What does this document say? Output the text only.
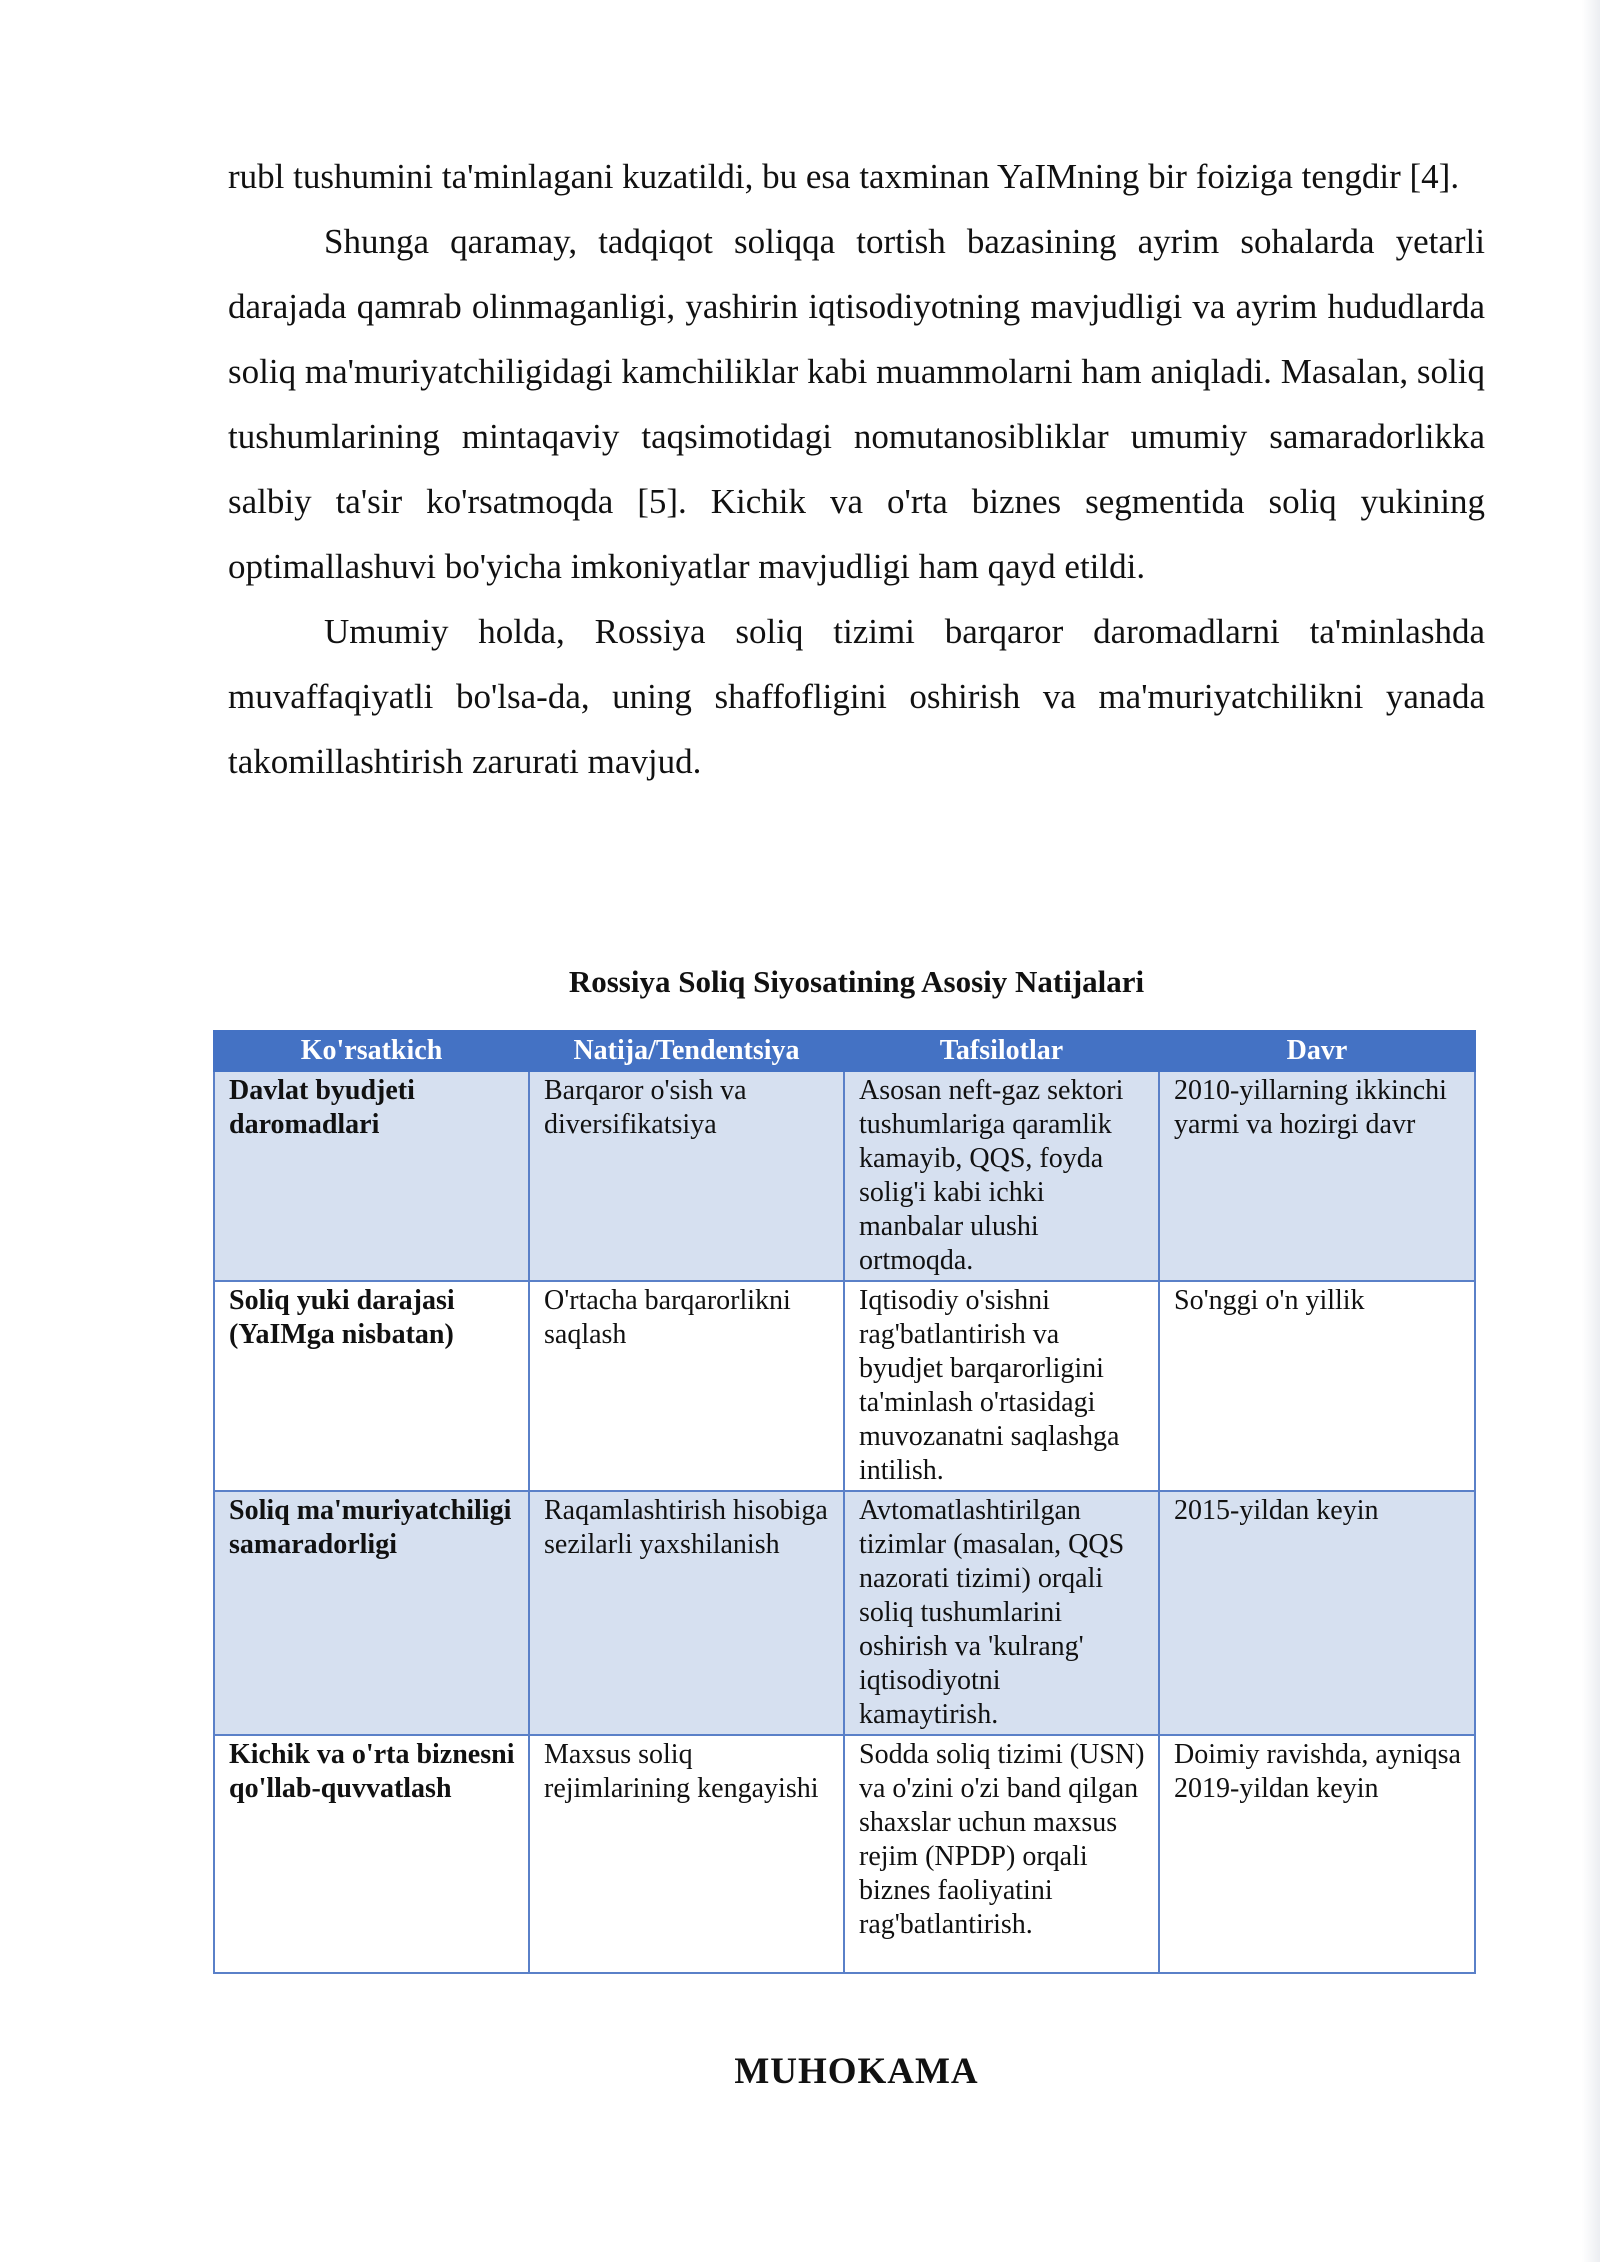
rubl tushumini ta'minlagani kuzatildi, bu esa taxminan YaIMning bir foiziga tengdir [4].

Shunga qaramay, tadqiqot soliqqa tortish bazasining ayrim sohalarda yetarli darajada qamrab olinmaganligi, yashirin iqtisodiyotning mavjudligi va ayrim hududlarda soliq ma'muriyatchiligidagi kamchiliklar kabi muammolarni ham aniqladi. Masalan, soliq tushumlarining mintaqaviy taqsimotidagi nomutanosibliklar umumiy samaradorlikka salbiy ta'sir ko'rsatmoqda [5]. Kichik va o'rta biznes segmentida soliq yukining optimallashuvi bo'yicha imkoniyatlar mavjudligi ham qayd etildi.

Umumiy holda, Rossiya soliq tizimi barqaror daromadlarni ta'minlashda muvaffaqiyatli bo'lsa-da, uning shaffofligini oshirish va ma'muriyatchilikni yanada takomillashtirish zarurati mavjud.

Rossiya Soliq Siyosatining Asosiy Natijalari
Ko'rsatkich	Natija/Tendentsiya	Tafsilotlar	Davr
Davlat byudjeti daromadlari	Barqaror o'sish va diversifikatsiya	Asosan neft-gaz sektori tushumlariga qaramlik kamayib, QQS, foyda solig'i kabi ichki manbalar ulushi ortmoqda.	2010-yillarning ikkinchi yarmi va hozirgi davr
Soliq yuki darajasi (YaIMga nisbatan)	O'rtacha barqarorlikni saqlash	Iqtisodiy o'sishni rag'batlantirish va byudjet barqarorligini ta'minlash o'rtasidagi muvozanatni saqlashga intilish.	So'nggi o'n yillik
Soliq ma'muriyatchiligi samaradorligi	Raqamlashtirish hisobiga sezilarli yaxshilanish	Avtomatlashtirilgan tizimlar (masalan, QQS nazorati tizimi) orqali soliq tushumlarini oshirish va 'kulrang' iqtisodiyotni kamaytirish.	2015-yildan keyin
Kichik va o'rta biznesni qo'llab-quvvatlash	Maxsus soliq rejimlarining kengayishi	Sodda soliq tizimi (USN) va o'zini o'zi band qilgan shaxslar uchun maxsus rejim (NPDP) orqali biznes faoliyatini rag'batlantirish.	Doimiy ravishda, ayniqsa 2019-yildan keyin
MUHOKAMA
